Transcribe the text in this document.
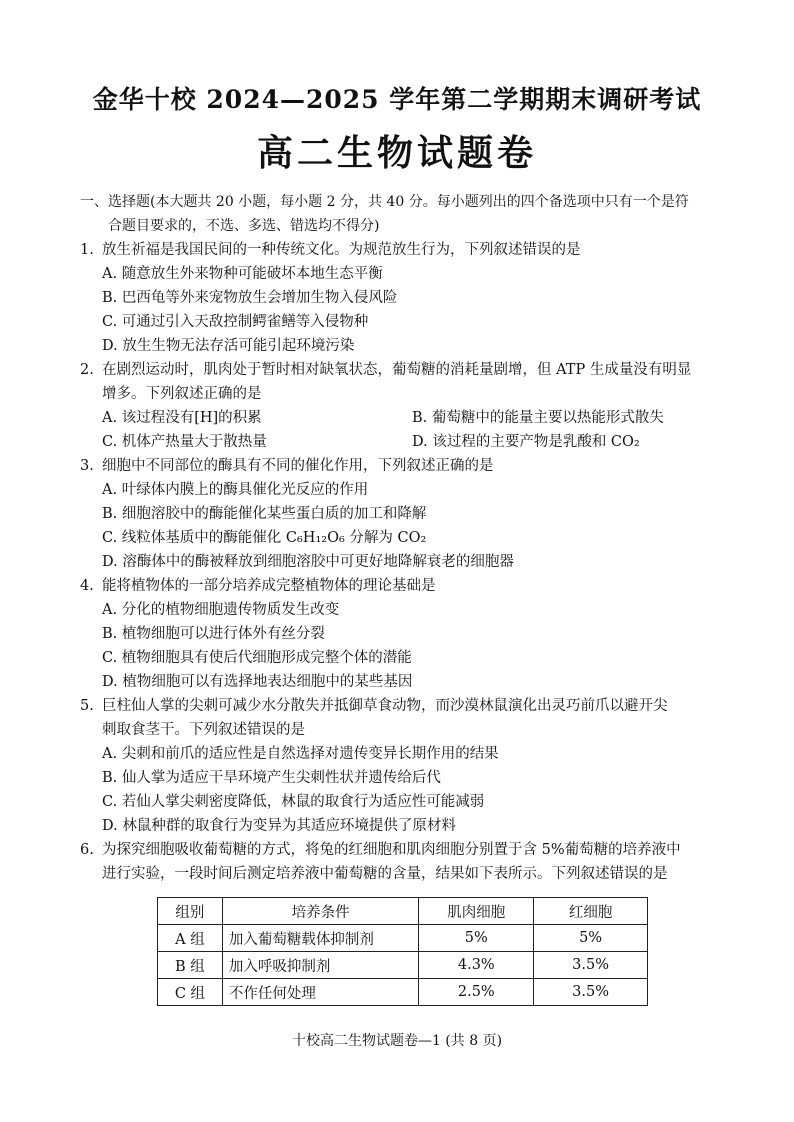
金华十校 2024—2025 学年第二学期期末调研考试
高二生物试题卷
一、选择题(本大题共 20 小题，每小题 2 分，共 40 分。每小题列出的四个备选项中只有一个是符
合题目要求的，不选、多选、错选均不得分)
1. 放生祈福是我国民间的一种传统文化。为规范放生行为，下列叙述错误的是
A. 随意放生外来物种可能破坏本地生态平衡
B. 巴西龟等外来宠物放生会增加生物入侵风险
C. 可通过引入天敌控制鳄雀鳝等入侵物种
D. 放生生物无法存活可能引起环境污染
2. 在剧烈运动时，肌肉处于暂时相对缺氧状态，葡萄糖的消耗量剧增，但 ATP 生成量没有明显
增多。下列叙述正确的是
A. 该过程没有[H]的积累	B. 葡萄糖中的能量主要以热能形式散失
C. 机体产热量大于散热量	D. 该过程的主要产物是乳酸和 CO₂
3. 细胞中不同部位的酶具有不同的催化作用，下列叙述正确的是
A. 叶绿体内膜上的酶具催化光反应的作用
B. 细胞溶胶中的酶能催化某些蛋白质的加工和降解
C. 线粒体基质中的酶能催化 C₆H₁₂O₆ 分解为 CO₂
D. 溶酶体中的酶被释放到细胞溶胶中可更好地降解衰老的细胞器
4. 能将植物体的一部分培养成完整植物体的理论基础是
A. 分化的植物细胞遗传物质发生改变
B. 植物细胞可以进行体外有丝分裂
C. 植物细胞具有使后代细胞形成完整个体的潜能
D. 植物细胞可以有选择地表达细胞中的某些基因
5. 巨柱仙人掌的尖刺可减少水分散失并抵御草食动物，而沙漠林鼠演化出灵巧前爪以避开尖
刺取食茎干。下列叙述错误的是
A. 尖刺和前爪的适应性是自然选择对遗传变异长期作用的结果
B. 仙人掌为适应干旱环境产生尖刺性状并遗传给后代
C. 若仙人掌尖刺密度降低，林鼠的取食行为适应性可能减弱
D. 林鼠种群的取食行为变异为其适应环境提供了原材料
6. 为探究细胞吸收葡萄糖的方式，将兔的红细胞和肌肉细胞分别置于含 5%葡萄糖的培养液中
进行实验，一段时间后测定培养液中葡萄糖的含量，结果如下表所示。下列叙述错误的是
组别	培养条件	肌肉细胞	红细胞
A 组	加入葡萄糖载体抑制剂	5%	5%
B 组	加入呼吸抑制剂	4.3%	3.5%
C 组	不作任何处理	2.5%	3.5%
十校高二生物试题卷—1 (共 8 页)
